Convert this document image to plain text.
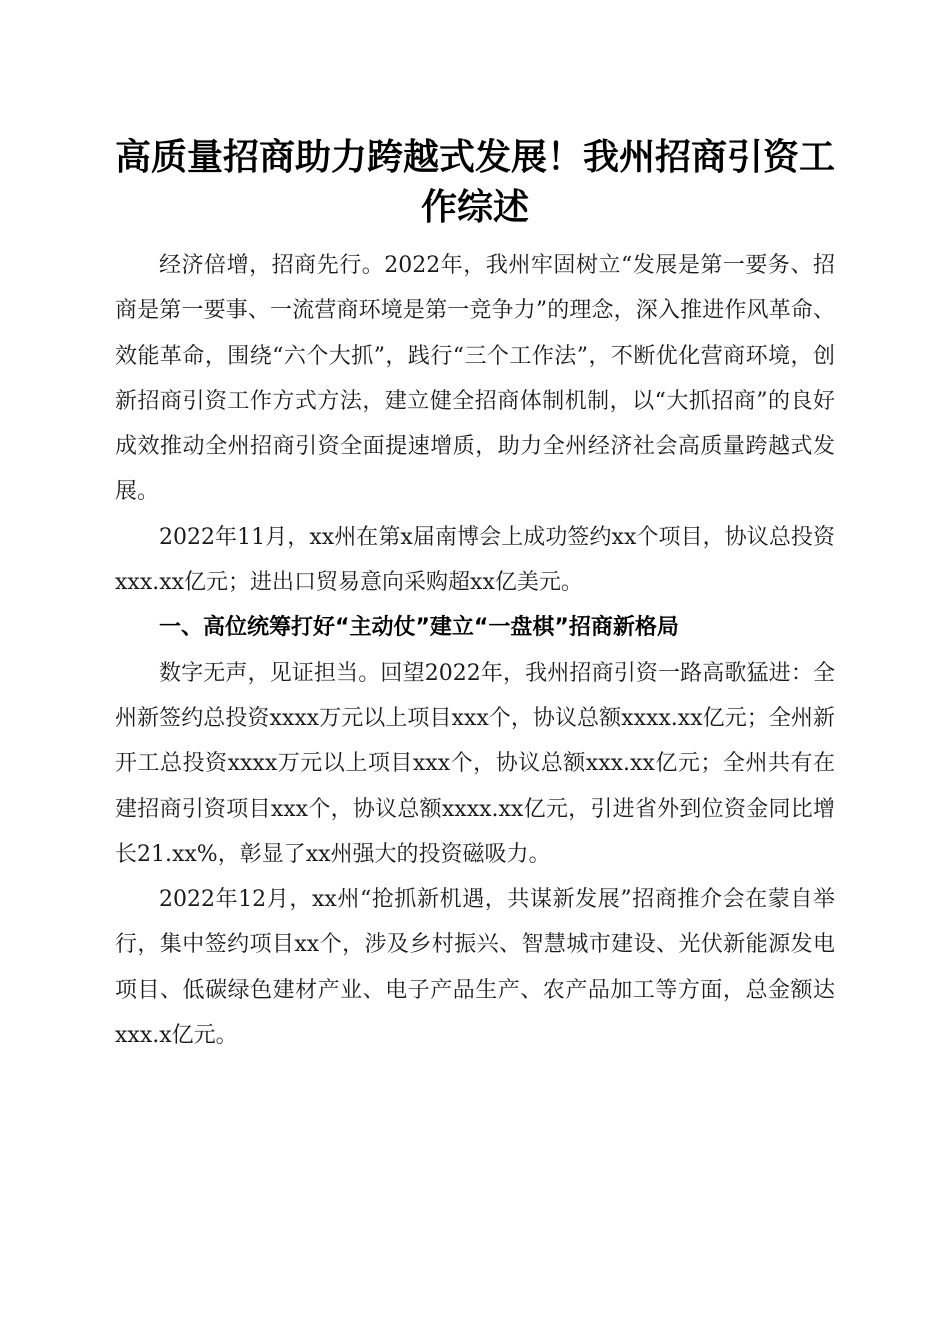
高质量招商助力跨越式发展！我州招商引资工作综述

经济倍增，招商先行。2022年，我州牢固树立“发展是第一要务、招商是第一要事、一流营商环境是第一竞争力”的理念，深入推进作风革命、效能革命，围绕“六个大抓”，践行“三个工作法”，不断优化营商环境，创新招商引资工作方式方法，建立健全招商体制机制，以“大抓招商”的良好成效推动全州招商引资全面提速增质，助力全州经济社会高质量跨越式发展。

2022年11月，xx州在第x届南博会上成功签约xx个项目，协议总投资xxx.xx亿元；进出口贸易意向采购超xx亿美元。

一、高位统筹打好“主动仗”建立“一盘棋”招商新格局

数字无声，见证担当。回望2022年，我州招商引资一路高歌猛进：全州新签约总投资xxxx万元以上项目xxx个，协议总额xxxx.xx亿元；全州新开工总投资xxxx万元以上项目xxx个，协议总额xxx.xx亿元；全州共有在建招商引资项目xxx个，协议总额xxxx.xx亿元，引进省外到位资金同比增长21.xx%，彰显了xx州强大的投资磁吸力。

2022年12月，xx州“抢抓新机遇，共谋新发展”招商推介会在蒙自举行，集中签约项目xx个，涉及乡村振兴、智慧城市建设、光伏新能源发电项目、低碳绿色建材产业、电子产品生产、农产品加工等方面，总金额达xxx.x亿元。
